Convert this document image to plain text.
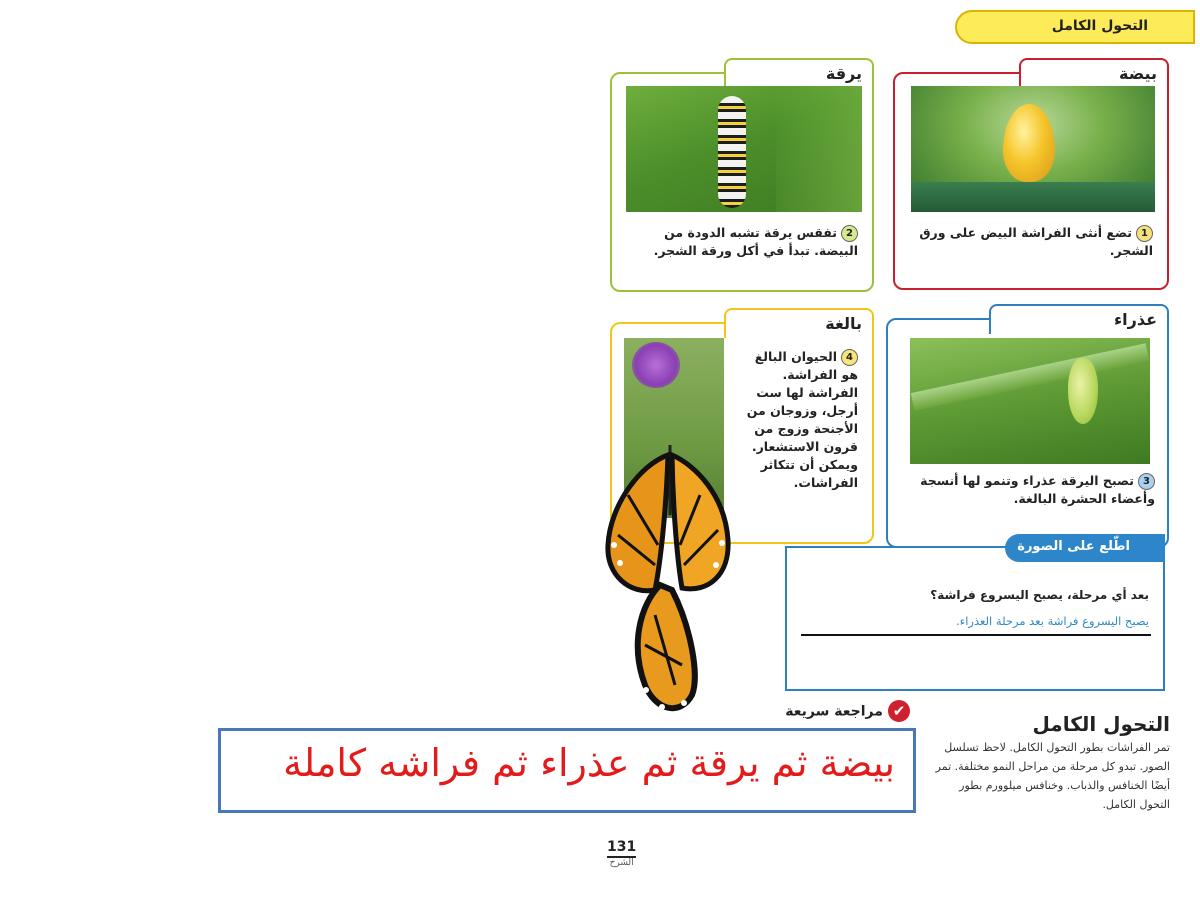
التحول الكامل
بيضة
1تضع أنثى الفراشة البيض على ورق الشجر.
يرقة
2تفقس يرقة تشبه الدودة من البيضة. تبدأ في أكل ورقة الشجر.
عذراء
3تصبح اليرقة عذراء وتنمو لها أنسجة وأعضاء الحشرة البالغة.
بالغة
4الحيوان البالغ هو الفراشة. الفراشة لها ست أرجل، وزوجان من الأجنحة وزوج من قرون الاستشعار. ويمكن أن تتكاثر الفراشات.
بعد أي مرحلة، يصبح اليسروع فراشة؟
يصبح اليسروع فراشة بعد مرحلة العذراء.
اطّلع على الصورة
التحول الكامل
تمر الفراشات بطور التحول الكامل. لاحظ تسلسل الصور. تبدو كل مرحلة من مراحل النمو مختلفة. تمر أيضًا الخنافس والذباب. وخنافس ميلوورم بطور التحول الكامل.
✔ مراجعة سريعة
بيضة ثم يرقة ثم عذراء ثم فراشه كاملة
131
الشرح
